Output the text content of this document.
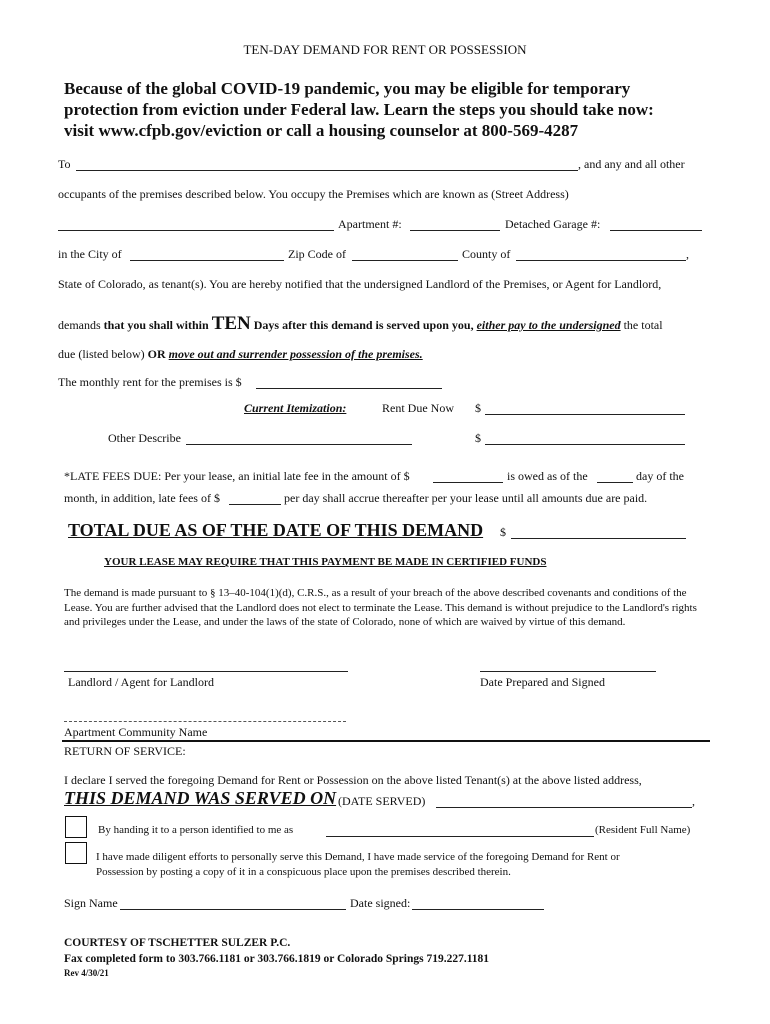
TEN-DAY DEMAND FOR RENT OR POSSESSION
Because of the global COVID-19 pandemic, you may be eligible for temporary
protection from eviction under Federal law. Learn the steps you should take now:
visit www.cfpb.gov/eviction or call a housing counselor at 800-569-4287
To	, and any and all other
occupants of the premises described below. You occupy the Premises which are known as (Street Address)
Apartment #:	Detached Garage #:
in the City of	Zip Code of	County of	,
State of Colorado, as tenant(s). You are hereby notified that the undersigned Landlord of the Premises, or Agent for Landlord,
demands that you shall within TEN Days after this demand is served upon you, either pay to the undersigned the total
due (listed below) OR move out and surrender possession of the premises.
The monthly rent for the premises is $
Current Itemization:	Rent Due Now $
Other Describe	$
*LATE FEES DUE: Per your lease, an initial late fee in the amount of $	is owed as of the	day of the
month, in addition, late fees of $	per day shall accrue thereafter per your lease until all amounts due are paid.
TOTAL DUE AS OF THE DATE OF THIS DEMAND $
YOUR LEASE MAY REQUIRE THAT THIS PAYMENT BE MADE IN CERTIFIED FUNDS
The demand is made pursuant to § 13–40-104(1)(d), C.R.S., as a result of your breach of the above described covenants and conditions of the Lease. You are further advised that the Landlord does not elect to terminate the Lease. This demand is without prejudice to the Landlord's rights and privileges under the Lease, and under the laws of the state of Colorado, none of which are waived by virtue of this demand.
Landlord / Agent for Landlord	Date Prepared and Signed
Apartment Community Name
RETURN OF SERVICE:
I declare I served the foregoing Demand for Rent or Possession on the above listed Tenant(s) at the above listed address,
THIS DEMAND WAS SERVED ON (DATE SERVED)	,
By handing it to a person identified to me as	(Resident Full Name)
I have made diligent efforts to personally serve this Demand, I have made service of the foregoing Demand for Rent or
Possession by posting a copy of it in a conspicuous place upon the premises described therein.
Sign Name	Date signed:
COURTESY OF TSCHETTER SULZER P.C.
Fax completed form to 303.766.1181 or 303.766.1819 or Colorado Springs 719.227.1181
Rev 4/30/21
